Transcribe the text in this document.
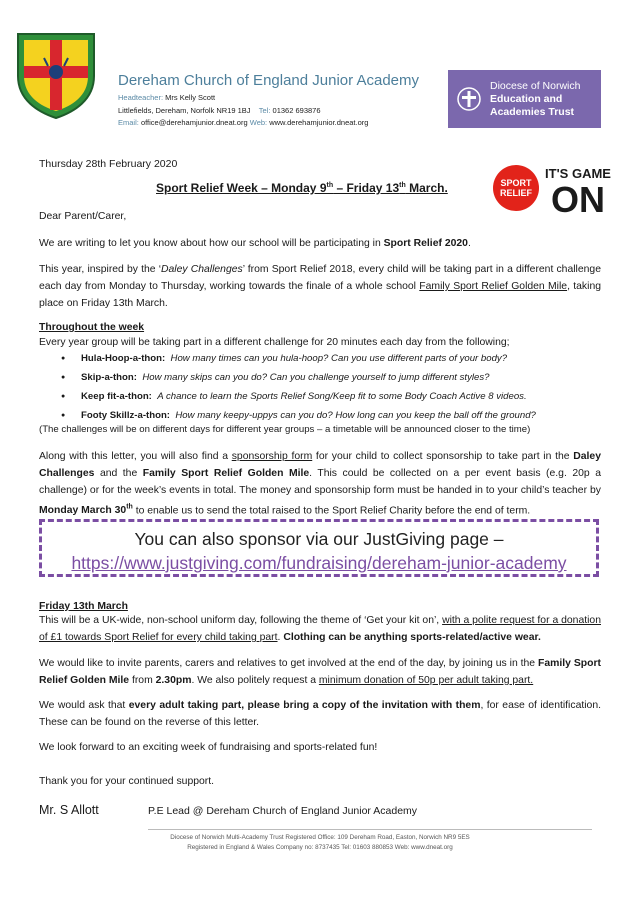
Dereham Church of England Junior Academy
Headteacher: Mrs Kelly Scott
Littlefields, Dereham, Norfolk NR19 1BJ Tel: 01362 693876
Email: office@derehamjunior.dneat.org Web: www.derehamjunior.dneat.org
Diocese of Norwich
Education and
Academies Trust
Thursday 28th February 2020
Sport Relief Week – Monday 9th – Friday 13th March.	SPORT
RELIEF
IT'S GAME
ON
Dear Parent/Carer,
We are writing to let you know about how our school will be participating in Sport Relief 2020.
This year, inspired by the ‘Daley Challenges’ from Sport Relief 2018, every child will be taking part in a different challenge each day from Monday to Thursday, working towards the finale of a whole school Family Sport Relief Golden Mile, taking place on Friday 13th March.
Throughout the week
Every year group will be taking part in a different challenge for 20 minutes each day from the following;
● Hula-Hoop-a-thon: How many times can you hula-hoop? Can you use different parts of your body?
● Skip-a-thon: How many skips can you do? Can you challenge yourself to jump different styles?
● Keep fit-a-thon: A chance to learn the Sports Relief Song/Keep fit to some Body Coach Active 8 videos.
● Footy Skillz-a-thon: How many keepy-uppys can you do? How long can you keep the ball off the ground?
(The challenges will be on different days for different year groups – a timetable will be announced closer to the time)
Along with this letter, you will also find a sponsorship form for your child to collect sponsorship to take part in the Daley Challenges and the Family Sport Relief Golden Mile. This could be collected on a per event basis (e.g. 20p a challenge) or for the week’s events in total. The money and sponsorship form must be handed in to your child’s teacher by Monday March 30th to enable us to send the total raised to the Sport Relief Charity before the end of term.
You can also sponsor via our JustGiving page –
https://www.justgiving.com/fundraising/dereham-junior-academy
Friday 13th March
This will be a UK-wide, non-school uniform day, following the theme of ‘Get your kit on’, with a polite request for a donation of £1 towards Sport Relief for every child taking part. Clothing can be anything sports-related/active wear.
We would like to invite parents, carers and relatives to get involved at the end of the day, by joining us in the Family Sport Relief Golden Mile from 2.30pm. We also politely request a minimum donation of 50p per adult taking part.
We would ask that every adult taking part, please bring a copy of the invitation with them, for ease of identification. These can be found on the reverse of this letter.
We look forward to an exciting week of fundraising and sports-related fun!
Thank you for your continued support.
Mr. S Allott	P.E Lead @ Dereham Church of England Junior Academy
Diocese of Norwich Multi-Academy Trust Registered Office: 109 Dereham Road, Easton, Norwich NR9 5ES
Registered in England & Wales Company no: 8737435 Tel: 01603 880853 Web: www.dneat.org
